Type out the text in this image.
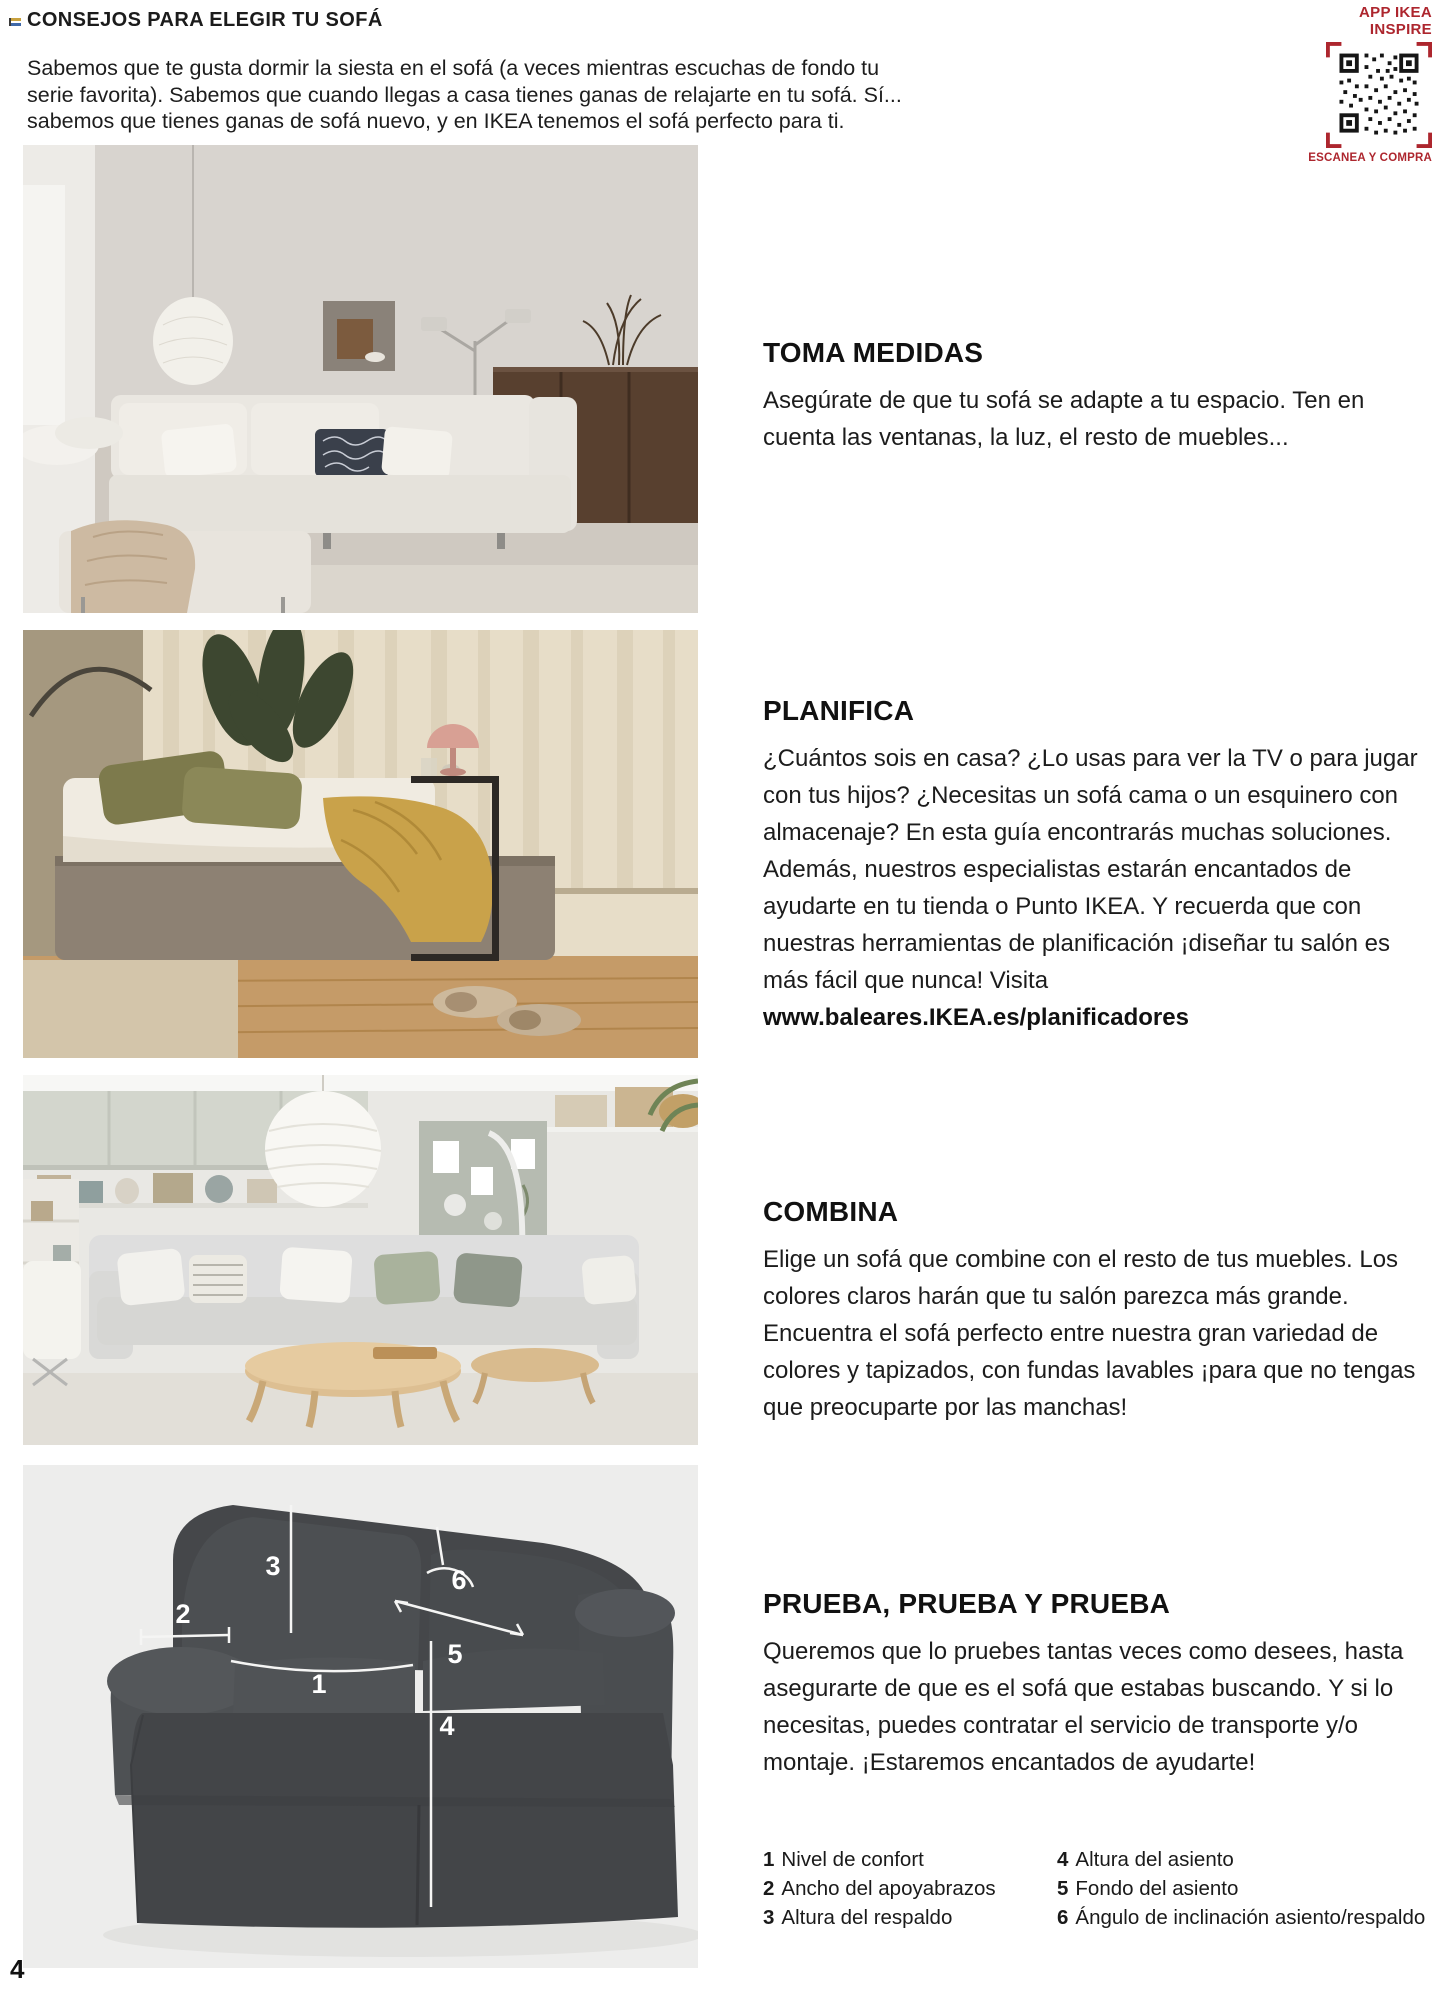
CONSEJOS PARA ELEGIR TU SOFÁ
Sabemos que te gusta dormir la siesta en el sofá (a veces mientras escuchas de fondo tu serie favorita). Sabemos que cuando llegas a casa tienes ganas de relajarte en tu sofá. Sí... sabemos que tienes ganas de sofá nuevo, y en IKEA tenemos el sofá perfecto para ti.
APP IKEA INSPIRE
ESCANEA Y COMPRA
3
2
1
5
6
4
TOMA MEDIDAS

Asegúrate de que tu sofá se adapte a tu espacio. Ten en cuenta las ventanas, la luz, el resto de muebles...

PLANIFICA

¿Cuántos sois en casa? ¿Lo usas para ver la TV o para jugar con tus hijos? ¿Necesitas un sofá cama o un esquinero con almacenaje? En esta guía encontrarás muchas soluciones. Además, nuestros especialistas estarán encantados de ayudarte en tu tienda o Punto IKEA. Y recuerda que con nuestras herramientas de planificación ¡diseñar tu salón es más fácil que nunca! Visita www.baleares.IKEA.es/planificadores

COMBINA

Elige un sofá que combine con el resto de tus muebles. Los colores claros harán que tu salón parezca más grande. Encuentra el sofá perfecto entre nuestra gran variedad de colores y tapizados, con fundas lavables ¡para que no tengas que preocuparte por las manchas!

PRUEBA, PRUEBA Y PRUEBA

Queremos que lo pruebes tantas veces como desees, hasta asegurarte de que es el sofá que estabas buscando. Y si lo necesitas, puedes contratar el servicio de transporte y/o montaje. ¡Estaremos encantados de ayudarte!

1 Nivel de confort
2 Ancho del apoyabrazos
3 Altura del respaldo
4 Altura del asiento
5 Fondo del asiento
6 Ángulo de inclinación asiento/respaldo
4
